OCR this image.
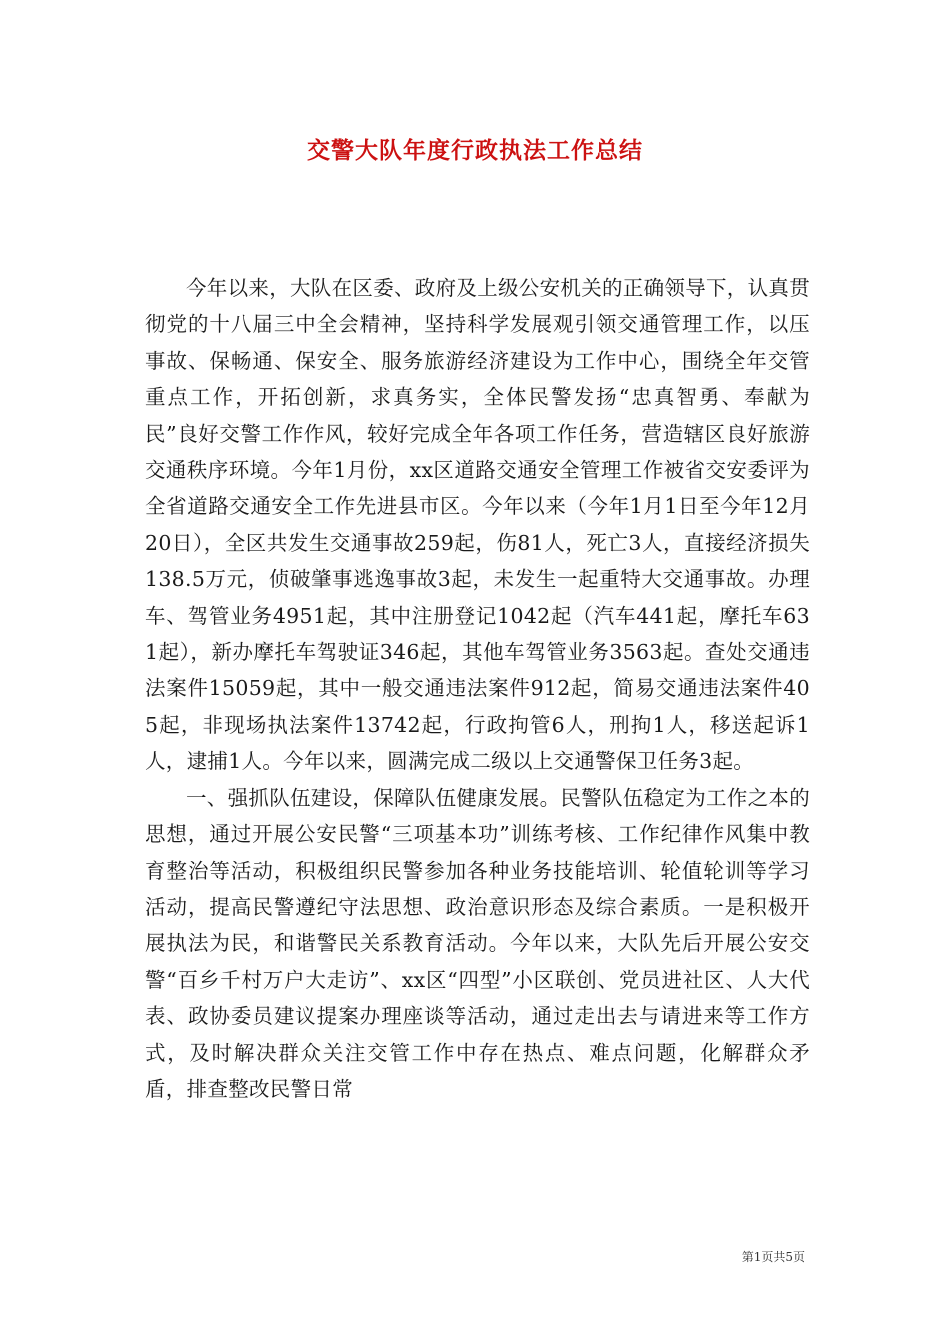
交警大队年度行政执法工作总结

今年以来，大队在区委、政府及上级公安机关的正确领导下，认真贯彻党的十八届三中全会精神，坚持科学发展观引领交通管理工作，以压事故、保畅通、保安全、服务旅游经济建设为工作中心，围绕全年交管重点工作，开拓创新，求真务实，全体民警发扬“忠真智勇、奉献为民”良好交警工作作风，较好完成全年各项工作任务，营造辖区良好旅游交通秩序环境。今年1月份，xx区道路交通安全管理工作被省交安委评为全省道路交通安全工作先进县市区。今年以来（今年1月1日至今年12月20日），全区共发生交通事故259起，伤81人，死亡3人，直接经济损失138.5万元，侦破肇事逃逸事故3起，未发生一起重特大交通事故。办理车、驾管业务4951起，其中注册登记1042起（汽车441起，摩托车631起），新办摩托车驾驶证346起，其他车驾管业务3563起。查处交通违法案件15059起，其中一般交通违法案件912起，简易交通违法案件405起，非现场执法案件13742起，行政拘管6人，刑拘1人，移送起诉1人，逮捕1人。今年以来，圆满完成二级以上交通警保卫任务3起。

一、强抓队伍建设，保障队伍健康发展。民警队伍稳定为工作之本的思想，通过开展公安民警“三项基本功”训练考核、工作纪律作风集中教育整治等活动，积极组织民警参加各种业务技能培训、轮值轮训等学习活动，提高民警遵纪守法思想、政治意识形态及综合素质。一是积极开展执法为民，和谐警民关系教育活动。今年以来，大队先后开展公安交警“百乡千村万户大走访”、xx区“四型”小区联创、党员进社区、人大代表、政协委员建议提案办理座谈等活动，通过走出去与请进来等工作方式，及时解决群众关注交管工作中存在热点、难点问题，化解群众矛盾，排查整改民警日常

第1页共5页
